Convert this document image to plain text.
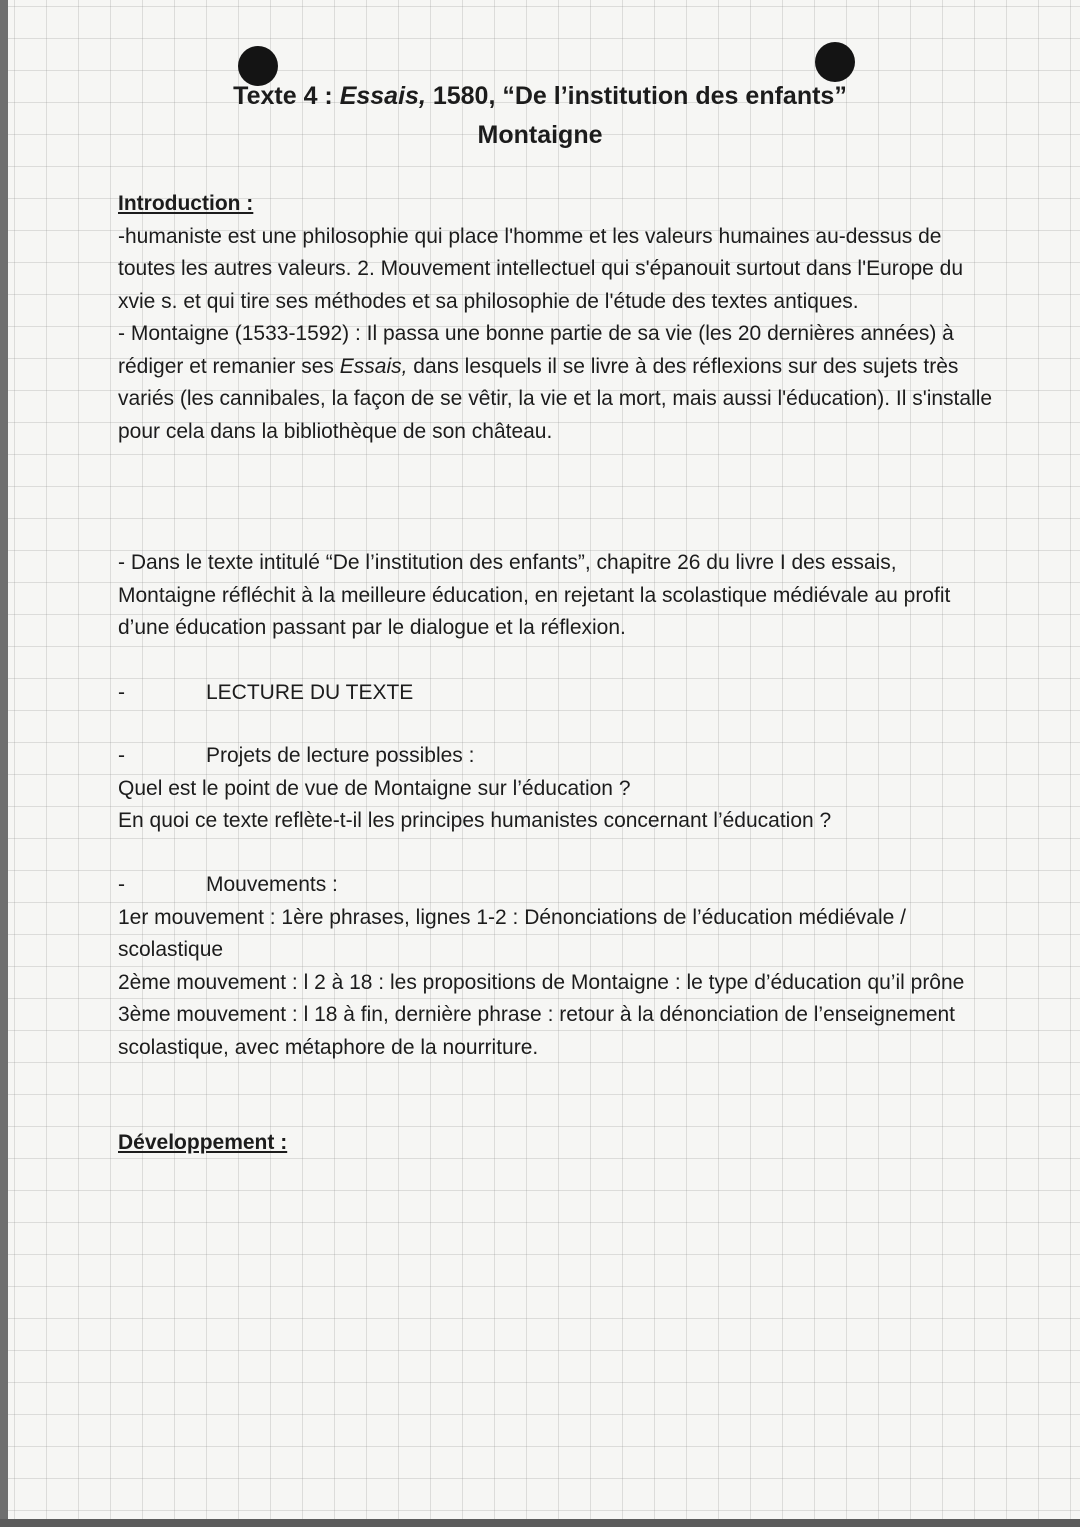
Texte 4 : Essais, 1580, “De l’institution des enfants”
Montaigne

Introduction :

-humaniste est une philosophie qui place l'homme et les valeurs humaines au-dessus de toutes les autres valeurs. 2. Mouvement intellectuel qui s'épanouit surtout dans l'Europe du xvie s. et qui tire ses méthodes et sa philosophie de l'étude des textes antiques.

- Montaigne (1533-1592) : Il passa une bonne partie de sa vie (les 20 dernières années) à rédiger et remanier ses Essais, dans lesquels il se livre à des réflexions sur des sujets très variés (les cannibales, la façon de se vêtir, la vie et la mort, mais aussi l'éducation). Il s'installe pour cela dans la bibliothèque de son château.

- Dans le texte intitulé “De l’institution des enfants”, chapitre 26 du livre I des essais, Montaigne réfléchit à la meilleure éducation, en rejetant la scolastique médiévale au profit d’une éducation passant par le dialogue et la réflexion.
-	LECTURE DU TEXTE

-	Projets de lecture possibles :

Quel est le point de vue de Montaigne sur l’éducation ?

En quoi ce texte reflète-t-il les principes humanistes concernant l’éducation ?

-	Mouvements :

1er mouvement : 1ère phrases, lignes 1-2 : Dénonciations de l’éducation médiévale / scolastique

2ème mouvement : l 2 à 18 : les propositions de Montaigne : le type d’éducation qu’il prône

3ème mouvement : l 18 à fin, dernière phrase : retour à la dénonciation de l’enseignement scolastique, avec métaphore de la nourriture.

Développement :
